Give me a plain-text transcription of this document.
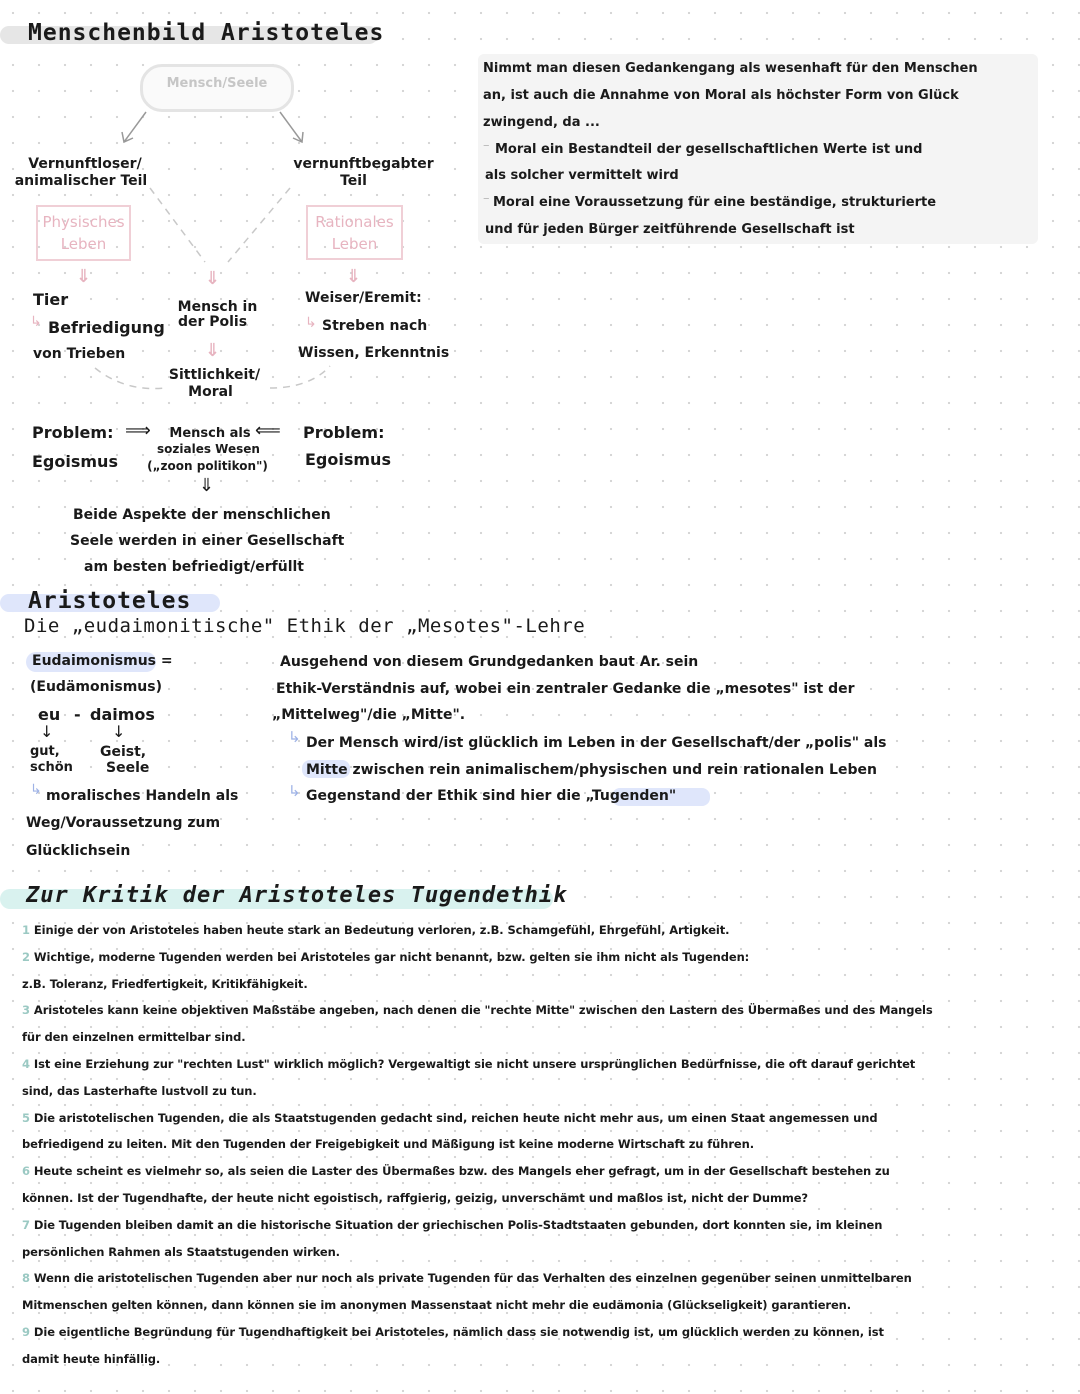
Menschenbild Aristoteles
Mensch/Seele
Vernunftloser/
animalischer Teil
Physisches
Leben
⇓
Tier
↳ Befriedigung
von Trieben
vernunftbegabter
Teil
Rationales
Leben
⇓
Weiser/Eremit:
↳ Streben nach
Wissen, Erkenntnis
⇓
Mensch in
der Polis
⇓
Sittlichkeit/
Moral
Problem:
Egoismus
⟹	Mensch als
soziales Wesen
(„zoon politikon")
⟸ Problem:
Egoismus
⇓
Beide Aspekte der menschlichen
Seele werden in einer Gesellschaft
am besten befriedigt/erfüllt
Nimmt man diesen Gedankengang als wesenhaft für den Menschen
an, ist auch die Annahme von Moral als höchster Form von Glück
zwingend, da ...
– Moral ein Bestandteil der gesellschaftlichen Werte ist und
als solcher vermittelt wird
– Moral eine Voraussetzung für eine beständige, strukturierte
und für jeden Bürger zeitführende Gesellschaft ist
Aristoteles
Die „eudaimonitische" Ethik der „Mesotes"-Lehre
Eudaimonismus =
(Eudämonismus)
eu - daimos
↓	↓
gut,
schön
Geist,
Seele
↳ moralisches Handeln als
Weg/Voraussetzung zum
Glücklichsein
Ausgehend von diesem Grundgedanken baut Ar. sein
Ethik-Verständnis auf, wobei ein zentraler Gedanke die „mesotes" ist der
„Mittelweg"/die „Mitte".
↳ Der Mensch wird/ist glücklich im Leben in der Gesellschaft/der „polis" als
Mitte zwischen rein animalischem/physischen und rein rationalen Leben
↳ Gegenstand der Ethik sind hier die „Tugenden"
Zur Kritik der Aristoteles Tugendethik
1 Einige der von Aristoteles haben heute stark an Bedeutung verloren, z.B. Schamgefühl, Ehrgefühl, Artigkeit.
2 Wichtige, moderne Tugenden werden bei Aristoteles gar nicht benannt, bzw. gelten sie ihm nicht als Tugenden:
z.B. Toleranz, Friedfertigkeit, Kritikfähigkeit.
3 Aristoteles kann keine objektiven Maßstäbe angeben, nach denen die "rechte Mitte" zwischen den Lastern des Übermaßes und des Mangels
für den einzelnen ermittelbar sind.
4 Ist eine Erziehung zur "rechten Lust" wirklich möglich? Vergewaltigt sie nicht unsere ursprünglichen Bedürfnisse, die oft darauf gerichtet
sind, das Lasterhafte lustvoll zu tun.
5 Die aristotelischen Tugenden, die als Staatstugenden gedacht sind, reichen heute nicht mehr aus, um einen Staat angemessen und
befriedigend zu leiten. Mit den Tugenden der Freigebigkeit und Mäßigung ist keine moderne Wirtschaft zu führen.
6 Heute scheint es vielmehr so, als seien die Laster des Übermaßes bzw. des Mangels eher gefragt, um in der Gesellschaft bestehen zu
können. Ist der Tugendhafte, der heute nicht egoistisch, raffgierig, geizig, unverschämt und maßlos ist, nicht der Dumme?
7 Die Tugenden bleiben damit an die historische Situation der griechischen Polis-Stadtstaaten gebunden, dort konnten sie, im kleinen
persönlichen Rahmen als Staatstugenden wirken.
8 Wenn die aristotelischen Tugenden aber nur noch als private Tugenden für das Verhalten des einzelnen gegenüber seinen unmittelbaren
Mitmenschen gelten können, dann können sie im anonymen Massenstaat nicht mehr die eudämonia (Glückseligkeit) garantieren.
9 Die eigentliche Begründung für Tugendhaftigkeit bei Aristoteles, nämlich dass sie notwendig ist, um glücklich werden zu können, ist
damit heute hinfällig.
